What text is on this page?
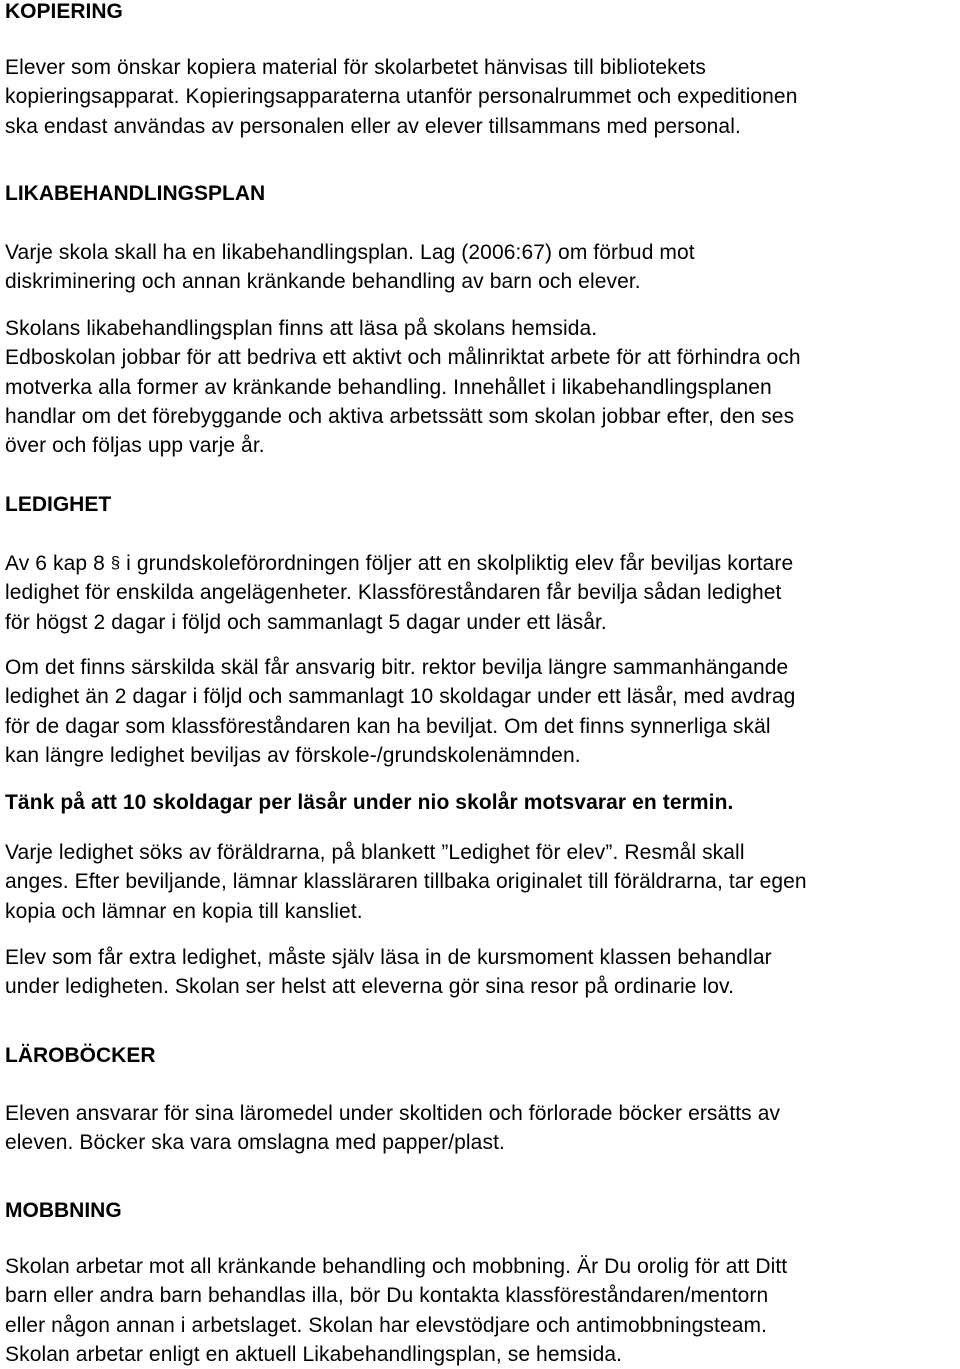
KOPIERING

Elever som önskar kopiera material för skolarbetet hänvisas till bibliotekets
kopieringsapparat. Kopieringsapparaterna utanför personalrummet och expeditionen
ska endast användas av personalen eller av elever tillsammans med personal.

LIKABEHANDLINGSPLAN

Varje skola skall ha en likabehandlingsplan. Lag (2006:67) om förbud mot
diskriminering och annan kränkande behandling av barn och elever.

Skolans likabehandlingsplan finns att läsa på skolans hemsida.
Edboskolan jobbar för att bedriva ett aktivt och målinriktat arbete för att förhindra och
motverka alla former av kränkande behandling. Innehållet i likabehandlingsplanen
handlar om det förebyggande och aktiva arbetssätt som skolan jobbar efter, den ses
över och följas upp varje år.

LEDIGHET

Av 6 kap 8 § i grundskoleförordningen följer att en skolpliktig elev får beviljas kortare
ledighet för enskilda angelägenheter. Klassföreståndaren får bevilja sådan ledighet
för högst 2 dagar i följd och sammanlagt 5 dagar under ett läsår.

Om det finns särskilda skäl får ansvarig bitr. rektor bevilja längre sammanhängande
ledighet än 2 dagar i följd och sammanlagt 10 skoldagar under ett läsår, med avdrag
för de dagar som klassföreståndaren kan ha beviljat. Om det finns synnerliga skäl
kan längre ledighet beviljas av förskole-/grundskolenämnden.

Tänk på att 10 skoldagar per läsår under nio skolår motsvarar en termin.

Varje ledighet söks av föräldrarna, på blankett ”Ledighet för elev”. Resmål skall
anges. Efter beviljande, lämnar klassläraren tillbaka originalet till föräldrarna, tar egen
kopia och lämnar en kopia till kansliet.

Elev som får extra ledighet, måste själv läsa in de kursmoment klassen behandlar
under ledigheten. Skolan ser helst att eleverna gör sina resor på ordinarie lov.

LÄROBÖCKER

Eleven ansvarar för sina läromedel under skoltiden och förlorade böcker ersätts av
eleven. Böcker ska vara omslagna med papper/plast.

MOBBNING

Skolan arbetar mot all kränkande behandling och mobbning. Är Du orolig för att Ditt
barn eller andra barn behandlas illa, bör Du kontakta klassföreståndaren/mentorn
eller någon annan i arbetslaget. Skolan har elevstödjare och antimobbningsteam.
Skolan arbetar enligt en aktuell Likabehandlingsplan, se hemsida.
